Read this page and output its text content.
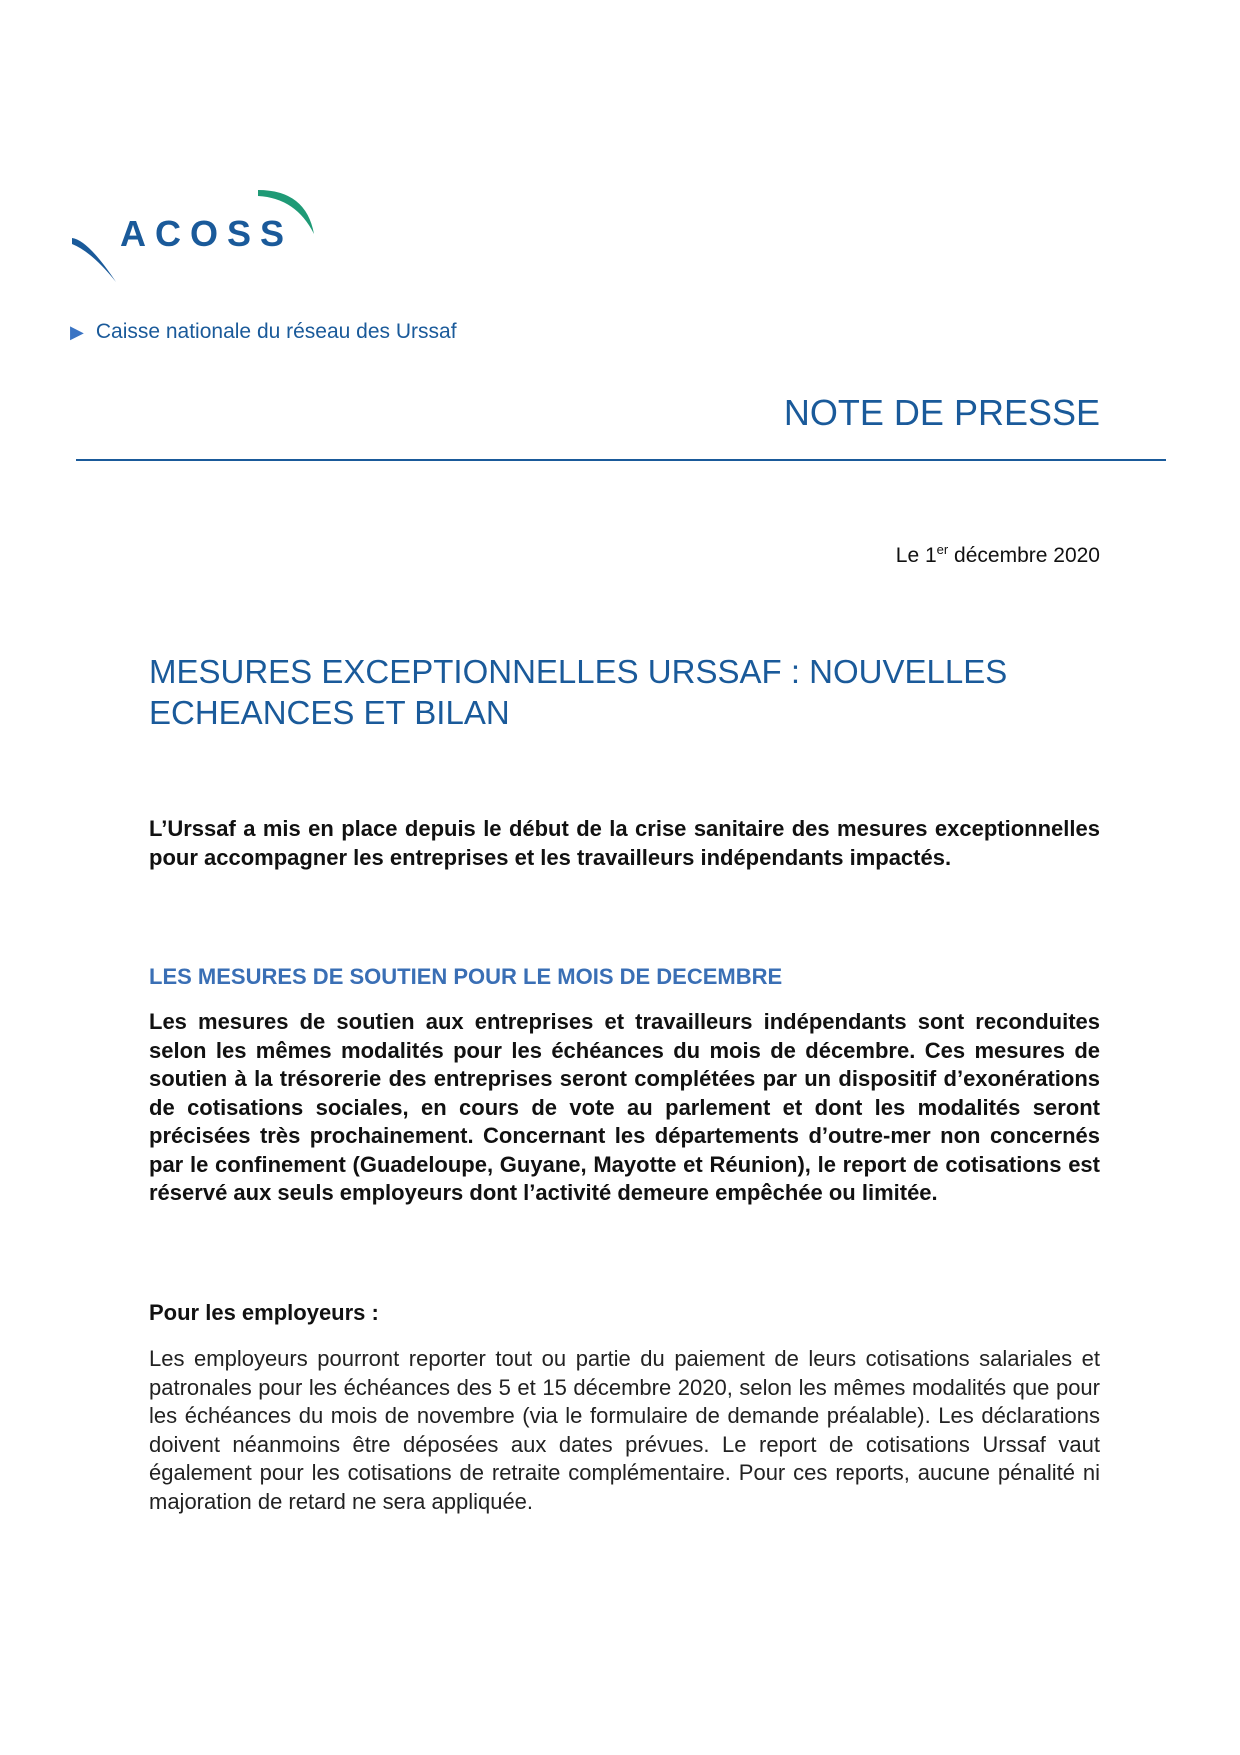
ACOSS
▶ Caisse nationale du réseau des Urssaf
NOTE DE PRESSE
Le 1er décembre 2020
MESURES EXCEPTIONNELLES URSSAF : NOUVELLES ECHEANCES ET BILAN

L’Urssaf a mis en place depuis le début de la crise sanitaire des mesures exceptionnelles pour accompagner les entreprises et les travailleurs indépendants impactés.

LES MESURES DE SOUTIEN POUR LE MOIS DE DECEMBRE

Les mesures de soutien aux entreprises et travailleurs indépendants sont reconduites selon les mêmes modalités pour les échéances du mois de décembre. Ces mesures de soutien à la trésorerie des entreprises seront complétées par un dispositif d’exonérations de cotisations sociales, en cours de vote au parlement et dont les modalités seront précisées très prochainement. Concernant les départements d’outre-mer non concernés par le confinement (Guadeloupe, Guyane, Mayotte et Réunion), le report de cotisations est réservé aux seuls employeurs dont l’activité demeure empêchée ou limitée.

Pour les employeurs :

Les employeurs pourront reporter tout ou partie du paiement de leurs cotisations salariales et patronales pour les échéances des 5 et 15 décembre 2020, selon les mêmes modalités que pour les échéances du mois de novembre (via le formulaire de demande préalable). Les déclarations doivent néanmoins être déposées aux dates prévues. Le report de cotisations Urssaf vaut également pour les cotisations de retraite complémentaire. Pour ces reports, aucune pénalité ni majoration de retard ne sera appliquée.
